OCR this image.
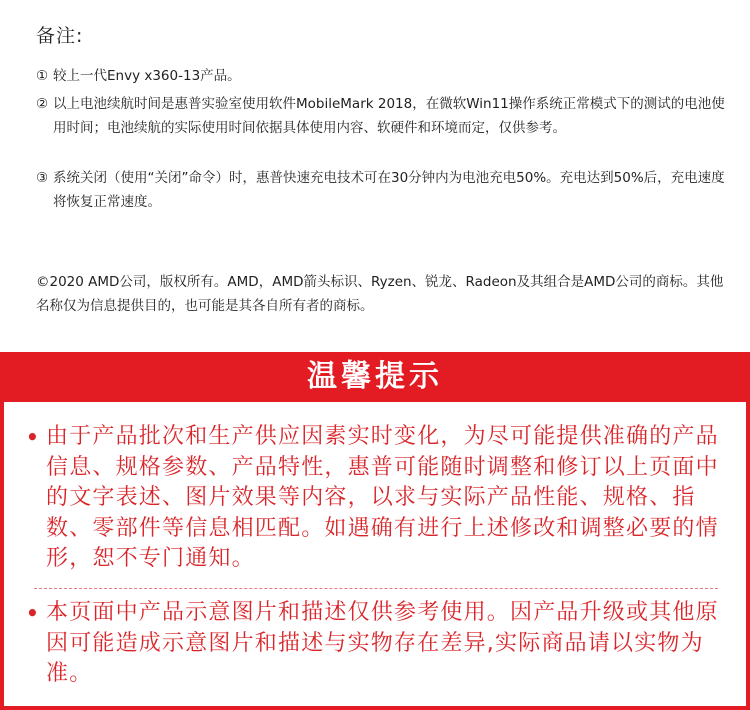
备注:
① 较上一代Envy x360-13产品。
② 以上电池续航时间是惠普实验室使用软件MobileMark 2018，在微软Win11操作系统正常模式下的测试的电池使用时间；电池续航的实际使用时间依据具体使用内容、软硬件和环境而定，仅供参考。
③ 系统关闭（使用“关闭”命令）时，惠普快速充电技术可在30分钟内为电池充电50%。充电达到50%后，充电速度将恢复正常速度。
©2020 AMD公司，版权所有。AMD，AMD箭头标识、Ryzen、锐龙、Radeon及其组合是AMD公司的商标。其他名称仅为信息提供目的，也可能是其各自所有者的商标。
温馨提示
• 由于产品批次和生产供应因素实时变化，为尽可能提供准确的产品信息、规格参数、产品特性，惠普可能随时调整和修订以上页面中的文字表述、图片效果等内容，以求与实际产品性能、规格、指数、零部件等信息相匹配。如遇确有进行上述修改和调整必要的情形，恕不专门通知。
• 本页面中产品示意图片和描述仅供参考使用。因产品升级或其他原因可能造成示意图片和描述与实物存在差异,实际商品请以实物为准。
